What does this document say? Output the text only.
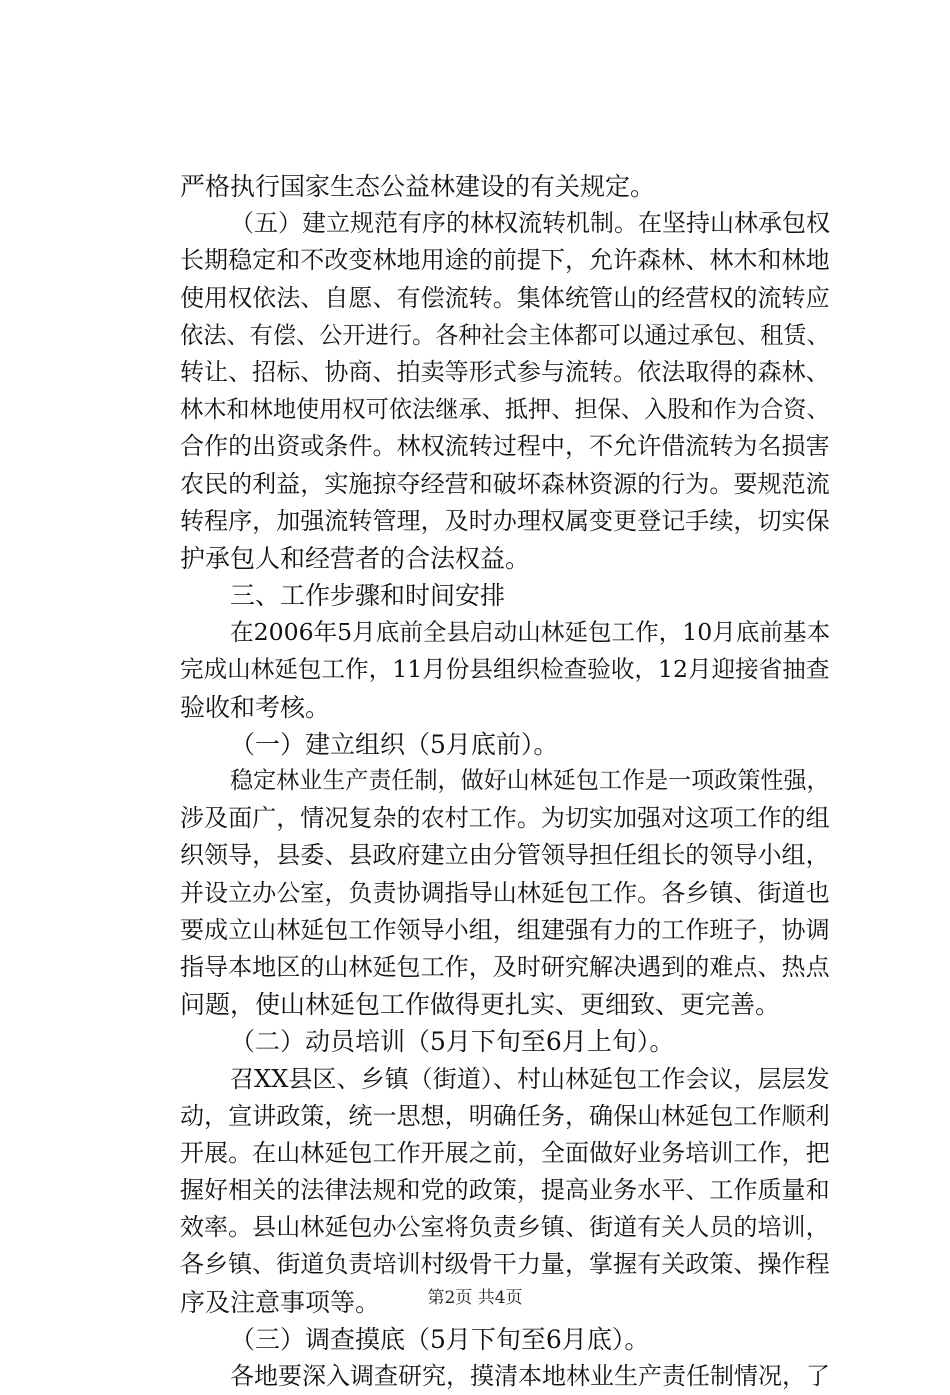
严格执行国家生态公益林建设的有关规定。
（五）建立规范有序的林权流转机制。在坚持山林承包权
长期稳定和不改变林地用途的前提下，允许森林、林木和林地
使用权依法、自愿、有偿流转。集体统管山的经营权的流转应
依法、有偿、公开进行。各种社会主体都可以通过承包、租赁、
转让、招标、协商、拍卖等形式参与流转。依法取得的森林、
林木和林地使用权可依法继承、抵押、担保、入股和作为合资、
合作的出资或条件。林权流转过程中，不允许借流转为名损害
农民的利益，实施掠夺经营和破坏森林资源的行为。要规范流
转程序，加强流转管理，及时办理权属变更登记手续，切实保
护承包人和经营者的合法权益。
三、工作步骤和时间安排
在2006年5月底前全县启动山林延包工作，10月底前基本
完成山林延包工作，11月份县组织检查验收，12月迎接省抽查
验收和考核。
（一）建立组织（5月底前）。
稳定林业生产责任制，做好山林延包工作是一项政策性强，
涉及面广，情况复杂的农村工作。为切实加强对这项工作的组
织领导，县委、县政府建立由分管领导担任组长的领导小组，
并设立办公室，负责协调指导山林延包工作。各乡镇、街道也
要成立山林延包工作领导小组，组建强有力的工作班子，协调
指导本地区的山林延包工作，及时研究解决遇到的难点、热点
问题，使山林延包工作做得更扎实、更细致、更完善。
（二）动员培训（5月下旬至6月上旬）。
召XX县区、乡镇（街道）、村山林延包工作会议，层层发
动，宣讲政策，统一思想，明确任务，确保山林延包工作顺利
开展。在山林延包工作开展之前，全面做好业务培训工作，把
握好相关的法律法规和党的政策，提高业务水平、工作质量和
效率。县山林延包办公室将负责乡镇、街道有关人员的培训，
各乡镇、街道负责培训村级骨干力量，掌握有关政策、操作程
序及注意事项等。
（三）调查摸底（5月下旬至6月底）。
各地要深入调查研究，摸清本地林业生产责任制情况，了
第2页 共4页
